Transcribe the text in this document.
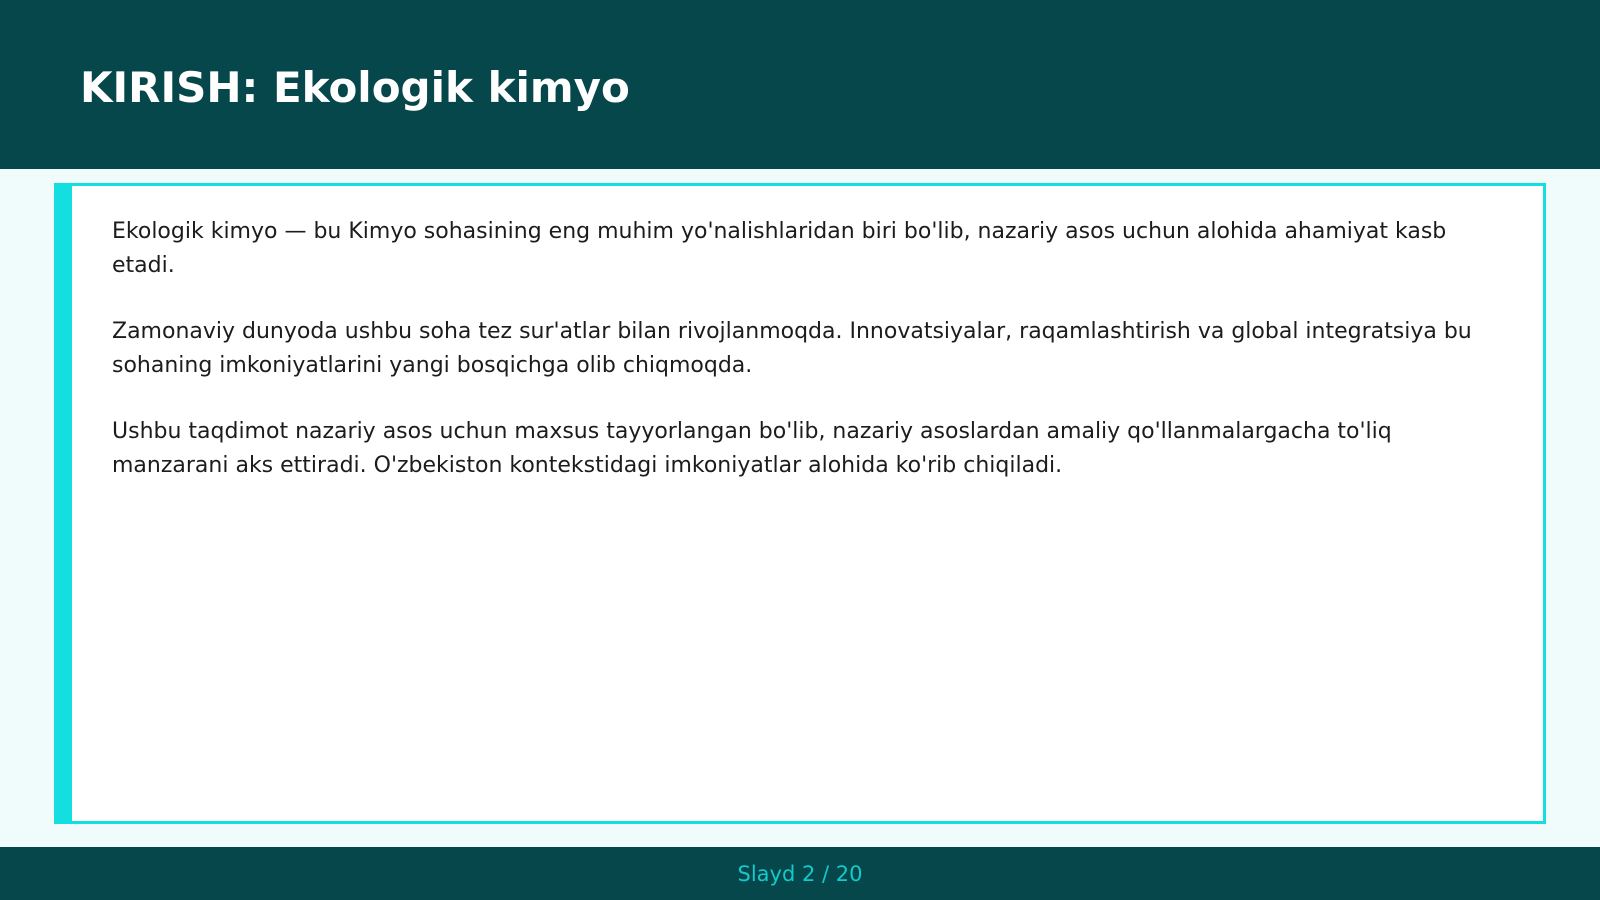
KIRISH: Ekologik kimyo

Ekologik kimyo — bu Kimyo sohasining eng muhim yo'nalishlaridan biri bo'lib, nazariy asos uchun alohida ahamiyat kasb etadi.

Zamonaviy dunyoda ushbu soha tez sur'atlar bilan rivojlanmoqda. Innovatsiyalar, raqamlashtirish va global integratsiya bu sohaning imkoniyatlarini yangi bosqichga olib chiqmoqda.

Ushbu taqdimot nazariy asos uchun maxsus tayyorlangan bo'lib, nazariy asoslardan amaliy qo'llanmalargacha to'liq manzarani aks ettiradi. O'zbekiston kontekstidagi imkoniyatlar alohida ko'rib chiqiladi.

Slayd 2 / 20
